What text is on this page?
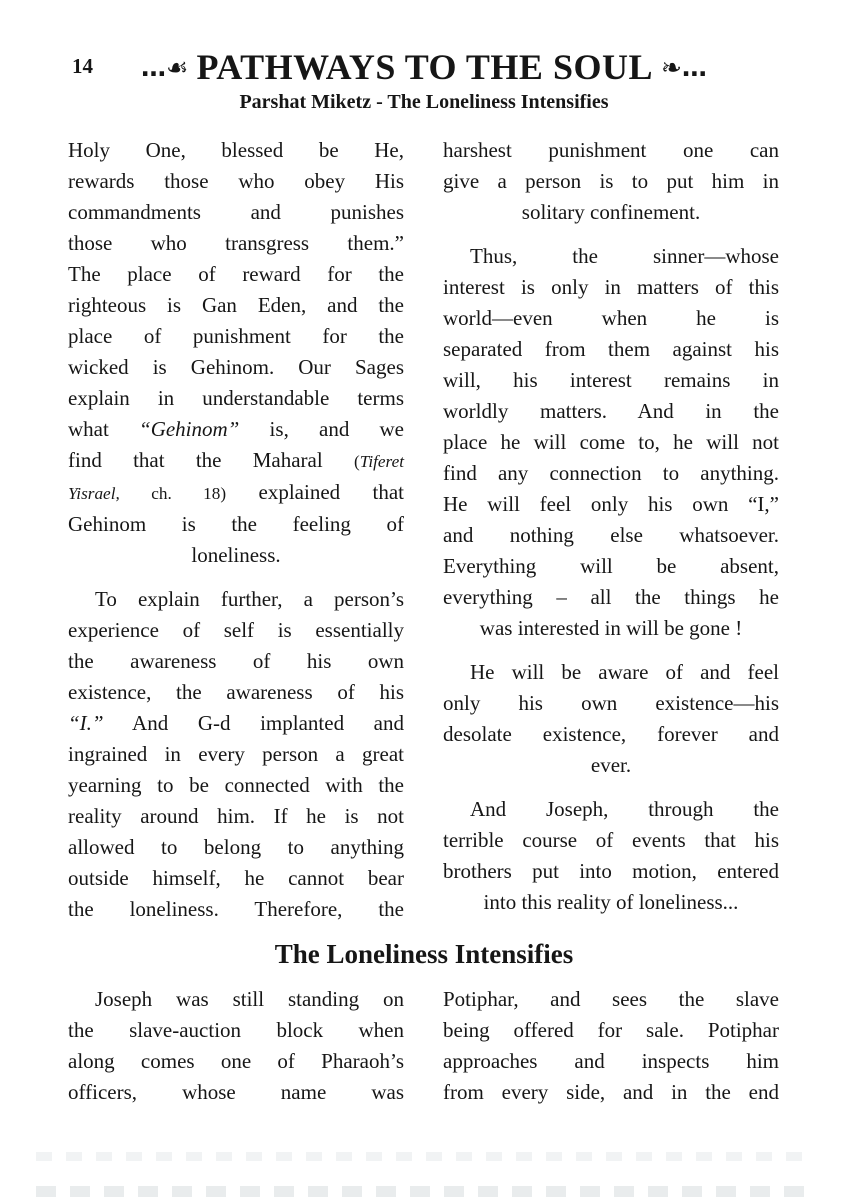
14 …☙ PATHWAYS TO THE SOUL ❧…
Parshat Miketz - The Loneliness Intensifies
Holy One, blessed be He,
rewards those who obey His
commandments and punishes
those who transgress them.”
The place of reward for the
righteous is Gan Eden, and the
place of punishment for the
wicked is Gehinom. Our Sages
explain in understandable terms
what “Gehinom” is, and we
find that the Maharal (Tiferet
Yisrael, ch. 18) explained that
Gehinom is the feeling of
loneliness.
To explain further, a person’s
experience of self is essentially
the awareness of his own
existence, the awareness of his
“I.” And G-d implanted and
ingrained in every person a great
yearning to be connected with the
reality around him. If he is not
allowed to belong to anything
outside himself, he cannot bear
the loneliness. Therefore, the
harshest punishment one can
give a person is to put him in
solitary confinement.
Thus, the sinner—whose
interest is only in matters of this
world—even when he is
separated from them against his
will, his interest remains in
worldly matters. And in the
place he will come to, he will not
find any connection to anything.
He will feel only his own “I,”
and nothing else whatsoever.
Everything will be absent,
everything – all the things he
was interested in will be gone !
He will be aware of and feel
only his own existence—his
desolate existence, forever and
ever.
And Joseph, through the
terrible course of events that his
brothers put into motion, entered
into this reality of loneliness...
The Loneliness Intensifies
Joseph was still standing on
the slave-auction block when
along comes one of Pharaoh’s
officers, whose name was
Potiphar, and sees the slave
being offered for sale. Potiphar
approaches and inspects him
from every side, and in the end
